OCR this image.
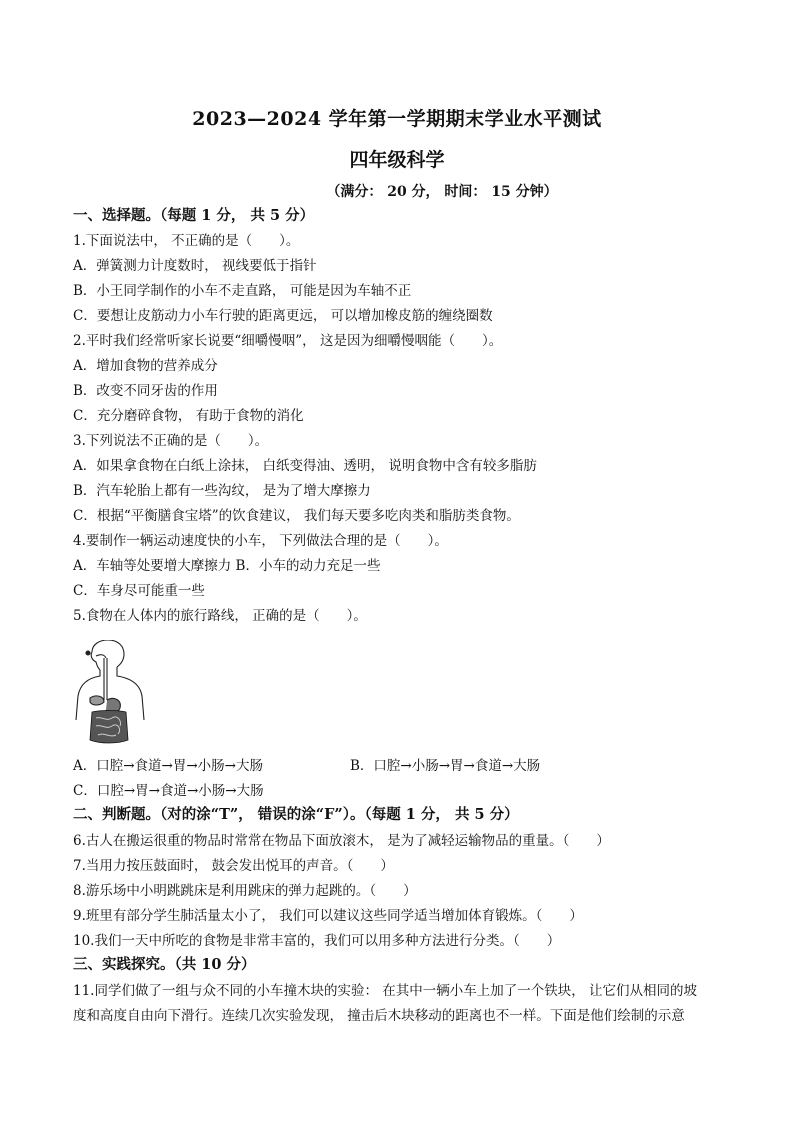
2023—2024 学年第一学期期末学业水平测试
四年级科学
（满分： 20 分， 时间： 15 分钟）
一、选择题。（每题 1 分， 共 5 分）
1.下面说法中， 不正确的是（　　）。
A．弹簧测力计度数时， 视线要低于指针
B．小王同学制作的小车不走直路， 可能是因为车轴不正
C．要想让皮筋动力小车行驶的距离更远， 可以增加橡皮筋的缠绕圈数
2.平时我们经常听家长说要“细嚼慢咽”， 这是因为细嚼慢咽能（　　）。
A．增加食物的营养成分
B．改变不同牙齿的作用
C．充分磨碎食物， 有助于食物的消化
3.下列说法不正确的是（　　）。
A．如果拿食物在白纸上涂抹， 白纸变得油、透明， 说明食物中含有较多脂肪
B．汽车轮胎上都有一些沟纹， 是为了增大摩擦力
C．根据“平衡膳食宝塔”的饮食建议， 我们每天要多吃肉类和脂肪类食物。
4.要制作一辆运动速度快的小车， 下列做法合理的是（　　）。
A．车轴等处要增大摩擦力 B．小车的动力充足一些
C．车身尽可能重一些
5.食物在人体内的旅行路线， 正确的是（　　）。
A．口腔→食道→胃→小肠→大肠	B．口腔→小肠→胃→食道→大肠
C．口腔→胃→食道→小肠→大肠
二、判断题。（对的涂“T”， 错误的涂“F”）。（每题 1 分， 共 5 分）
6.古人在搬运很重的物品时常常在物品下面放滚木， 是为了减轻运输物品的重量。（　　）
7.当用力按压鼓面时， 鼓会发出悦耳的声音。（　　）
8.游乐场中小明跳跳床是利用跳床的弹力起跳的。（　　）
9.班里有部分学生肺活量太小了， 我们可以建议这些同学适当增加体育锻炼。（　　）
10.我们一天中所吃的食物是非常丰富的，我们可以用多种方法进行分类。（　　）
三、实践探究。（共 10 分）
11.同学们做了一组与众不同的小车撞木块的实验： 在其中一辆小车上加了一个铁块， 让它们从相同的坡
度和高度自由向下滑行。连续几次实验发现， 撞击后木块移动的距离也不一样。下面是他们绘制的示意
